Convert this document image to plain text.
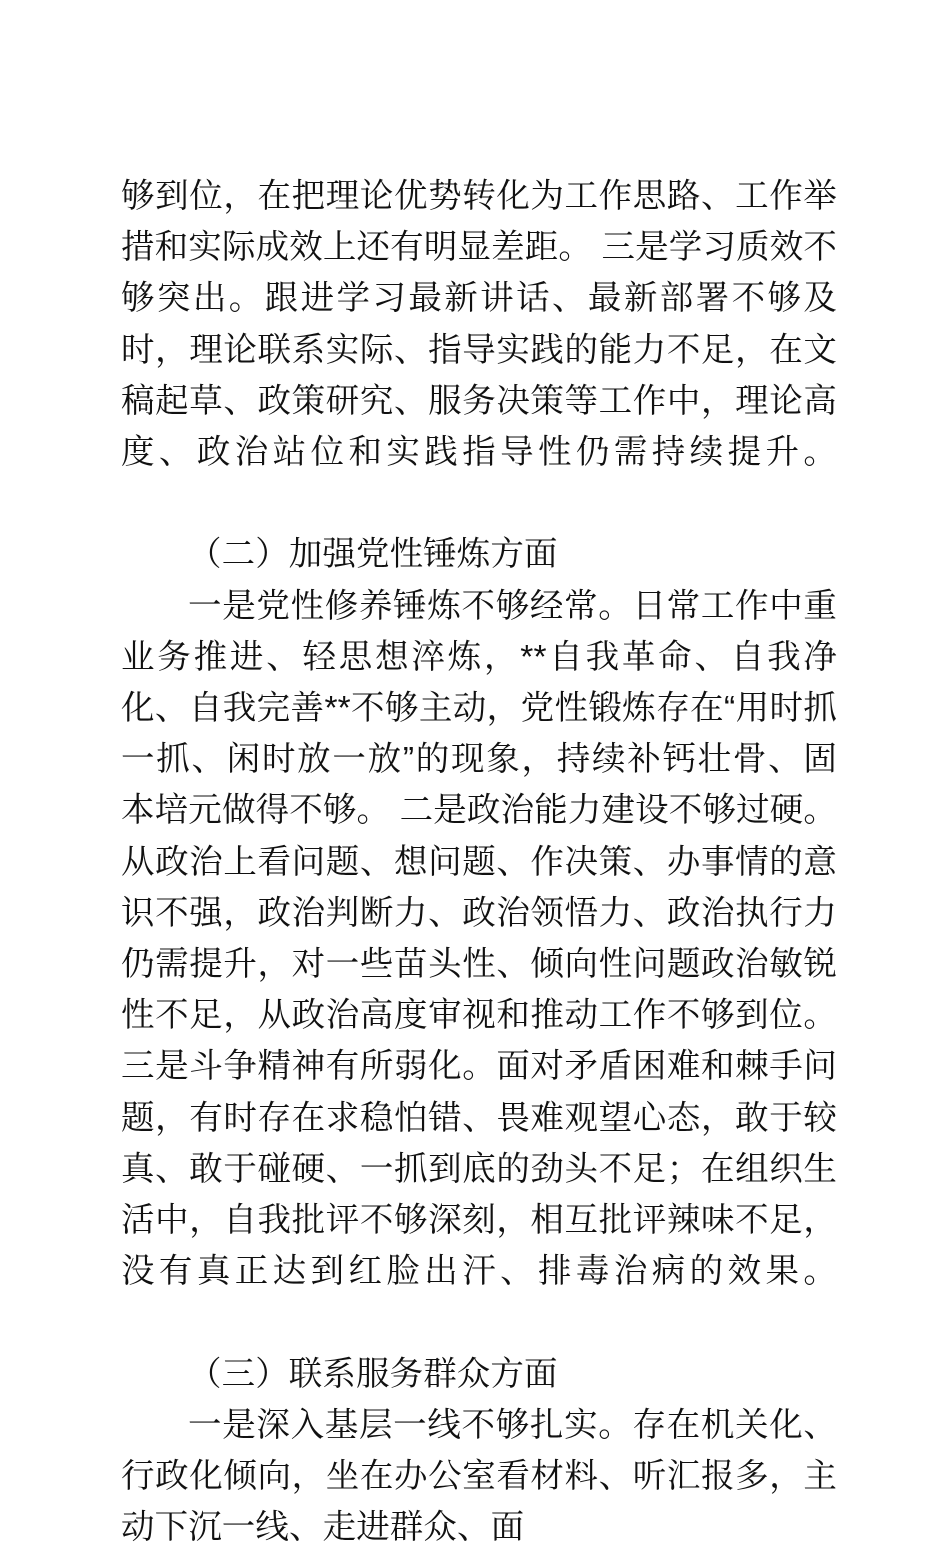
够到位，在把理论优势转化为工作思路、工作举措和实际成效上还有明显差距。 三是学习质效不够突出。跟进学习最新讲话、最新部署不够及时，理论联系实际、指导实践的能力不足，在文稿起草、政策研究、服务决策等工作中，理论高度、政治站位和实践指导性仍需持续提升。

（二）加强党性锤炼方面

一是党性修养锤炼不够经常。日常工作中重业务推进、轻思想淬炼，**自我革命、自我净化、自我完善**不够主动，党性锻炼存在“用时抓一抓、闲时放一放”的现象，持续补钙壮骨、固本培元做得不够。 二是政治能力建设不够过硬。从政治上看问题、想问题、作决策、办事情的意识不强，政治判断力、政治领悟力、政治执行力仍需提升，对一些苗头性、倾向性问题政治敏锐性不足，从政治高度审视和推动工作不够到位。 三是斗争精神有所弱化。面对矛盾困难和棘手问题，有时存在求稳怕错、畏难观望心态，敢于较真、敢于碰硬、一抓到底的劲头不足；在组织生活中，自我批评不够深刻，相互批评辣味不足，没有真正达到红脸出汗、排毒治病的效果。

（三）联系服务群众方面

一是深入基层一线不够扎实。存在机关化、行政化倾向，坐在办公室看材料、听汇报多，主动下沉一线、走进群众、面
